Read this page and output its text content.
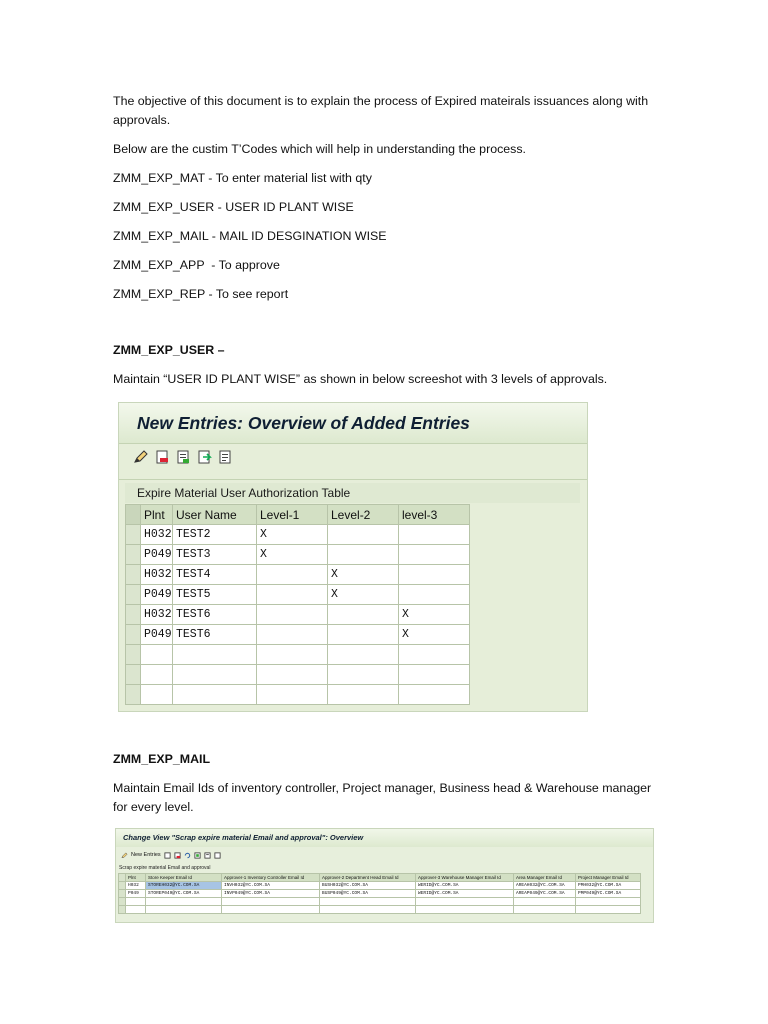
The objective of this document is to explain the process of Expired mateirals issuances along with approvals.

Below are the custim T’Codes which will help in understanding the process.

ZMM_EXP_MAT - To enter material list with qty
ZMM_EXP_USER - USER ID PLANT WISE
ZMM_EXP_MAIL - MAIL ID DESGINATION WISE
ZMM_EXP_APP  - To approve
ZMM_EXP_REP - To see report
ZMM_EXP_USER –
Maintain “USER ID PLANT WISE” as shown in below screeshot with 3 levels of approvals.
New Entries: Overview of Added Entries
Expire Material User Authorization Table
	Plnt	User Name	Level-1	Level-2	level-3
	H032	TEST2	X		
	P049	TEST3	X		
	H032	TEST4		X	
	P049	TEST5		X	
	H032	TEST6			X
	P049	TEST6			X

ZMM_EXP_MAIL

Maintain Email Ids of inventory controller, Project manager, Business head & Warehouse manager for every level.

Change View "Scrap expire material Email and approval": Overview
New Entries
Scrap expire material Email and approval
	Plnt	Store Keeper Email Id	Approver-1 Inventory Controller Email Id	Approver-2 Department Head Email Id	Approver-3 Warehouse Manager Email Id	Area Manager Email Id	Project Manager Email Id
	H032	STOREH032@YC.COM.SA	INVH032@YC.COM.SA	BUSH032@YC.COM.SA	WERID@YC.COM.SA	AREAH032@YC.COM.SA	PMH032@YC.COM.SA
	P049	STOREP049@YC.COM.SA	INVP049@YC.COM.SA	BUSP049@YC.COM.SA	WERID@YC.COM.SA	AREAP049@YC.COM.SA	PMP049@YC.COM.SA
